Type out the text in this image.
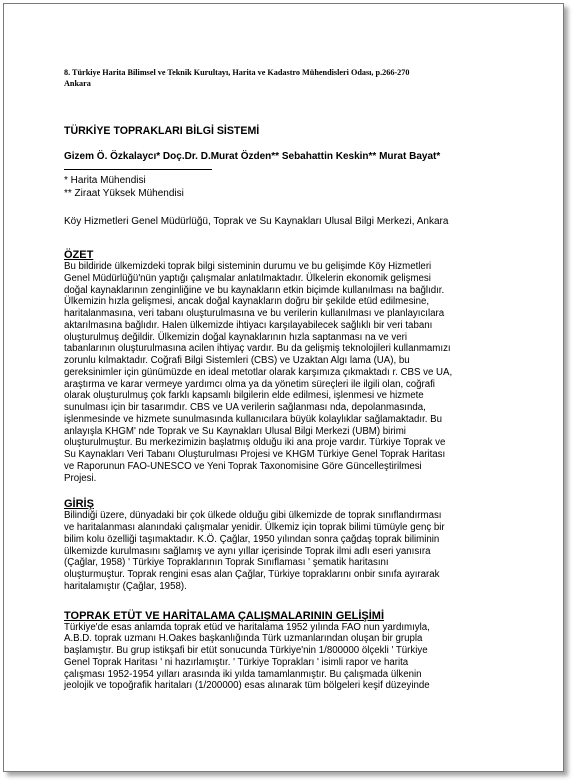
8. Türkiye Harita Bilimsel ve Teknik Kurultayı, Harita ve Kadastro Mühendisleri Odası, p.266-270
Ankara

TÜRKİYE TOPRAKLARI BİLGİ SİSTEMİ

Gizem Ö. Özkalaycı* Doç.Dr. D.Murat Özden** Sebahattin Keskin** Murat Bayat*

* Harita Mühendisi

** Ziraat Yüksek Mühendisi

Köy Hizmetleri Genel Müdürlüğü, Toprak ve Su Kaynakları Ulusal Bilgi Merkezi, Ankara

ÖZET

Bu bildiride ülkemizdeki toprak bilgi sisteminin durumu ve bu gelişimde Köy Hizmetleri
Genel Müdürlüğü'nün yaptığı çalışmalar anlatılmaktadır. Ülkelerin ekonomik gelişmesi
doğal kaynaklarının zenginliğine ve bu kaynakların etkin biçimde kullanılması na bağlıdır.
Ülkemizin hızla gelişmesi, ancak doğal kaynakların doğru bir şekilde etüd edilmesine,
haritalanmasına, veri tabanı oluşturulmasına ve bu verilerin kullanılması ve planlayıcılara
aktarılmasına bağlıdır. Halen ülkemizde ihtiyacı karşılayabilecek sağlıklı bir veri tabanı
oluşturulmuş değildir. Ülkemizin doğal kaynaklarının hızla saptanması na ve veri
tabanlarının oluşturulmasına acilen ihtiyaç vardır. Bu da gelişmiş teknolojileri kullanmamızı
zorunlu kılmaktadır. Coğrafi Bilgi Sistemleri (CBS) ve Uzaktan Algı lama (UA), bu
gereksinimler için günümüzde en ideal metotlar olarak karşımıza çıkmaktadı r. CBS ve UA,
araştırma ve karar vermeye yardımcı olma ya da yönetim süreçleri ile ilgili olan, coğrafi
olarak oluşturulmuş çok farklı kapsamlı bilgilerin elde edilmesi, işlenmesi ve hizmete
sunulması için bir tasarımdır. CBS ve UA verilerin sağlanması nda, depolanmasında,
işlenmesinde ve hizmete sunulmasında kullanıcılara büyük kolaylıklar sağlamaktadır. Bu
anlayışla KHGM' nde Toprak ve Su Kaynakları Ulusal Bilgi Merkezi (UBM) birimi
oluşturulmuştur. Bu merkezimizin başlatmış olduğu iki ana proje vardır. Türkiye Toprak ve
Su Kaynakları Veri Tabanı Oluşturulması Projesi ve KHGM Türkiye Genel Toprak Haritası
ve Raporunun FAO-UNESCO ve Yeni Toprak Taxonomisine Göre Güncelleştirilmesi
Projesi.

GİRİŞ

Bilindiği üzere, dünyadaki bir çok ülkede olduğu gibi ülkemizde de toprak sınıflandırması
ve haritalanması alanındaki çalışmalar yenidir. Ülkemiz için toprak bilimi tümüyle genç bir
bilim kolu özelliği taşımaktadır. K.Ö. Çağlar, 1950 yılından sonra çağdaş toprak biliminin
ülkemizde kurulmasını sağlamış ve aynı yıllar içerisinde Toprak ilmi adlı eseri yanısıra
(Çağlar, 1958) ' Türkiye Topraklarının Toprak Sınıflaması ' şematik haritasını
oluşturmuştur. Toprak rengini esas alan Çağlar, Türkiye topraklarını onbir sınıfa ayırarak
haritalamıştır (Çağlar, 1958).

TOPRAK ETÜT VE HARİTALAMA ÇALIŞMALARININ GELİŞİMİ

Türkiye'de esas anlamda toprak etüd ve haritalama 1952 yılında FAO nun yardımıyla,
A.B.D. toprak uzmanı H.Oakes başkanlığında Türk uzmanlarından oluşan bir grupla
başlamıştır. Bu grup istikşafi bir etüt sonucunda Türkiye'nin 1/800000 ölçekli ' Türkiye
Genel Toprak Haritası ' ni hazırlamıştır. ' Türkiye Toprakları ' isimli rapor ve harita
çalışması 1952-1954 yılları arasında iki yılda tamamlanmıştır. Bu çalışmada ülkenin
jeolojik ve topoğrafik haritaları (1/200000) esas alınarak tüm bölgeleri keşif düzeyinde
